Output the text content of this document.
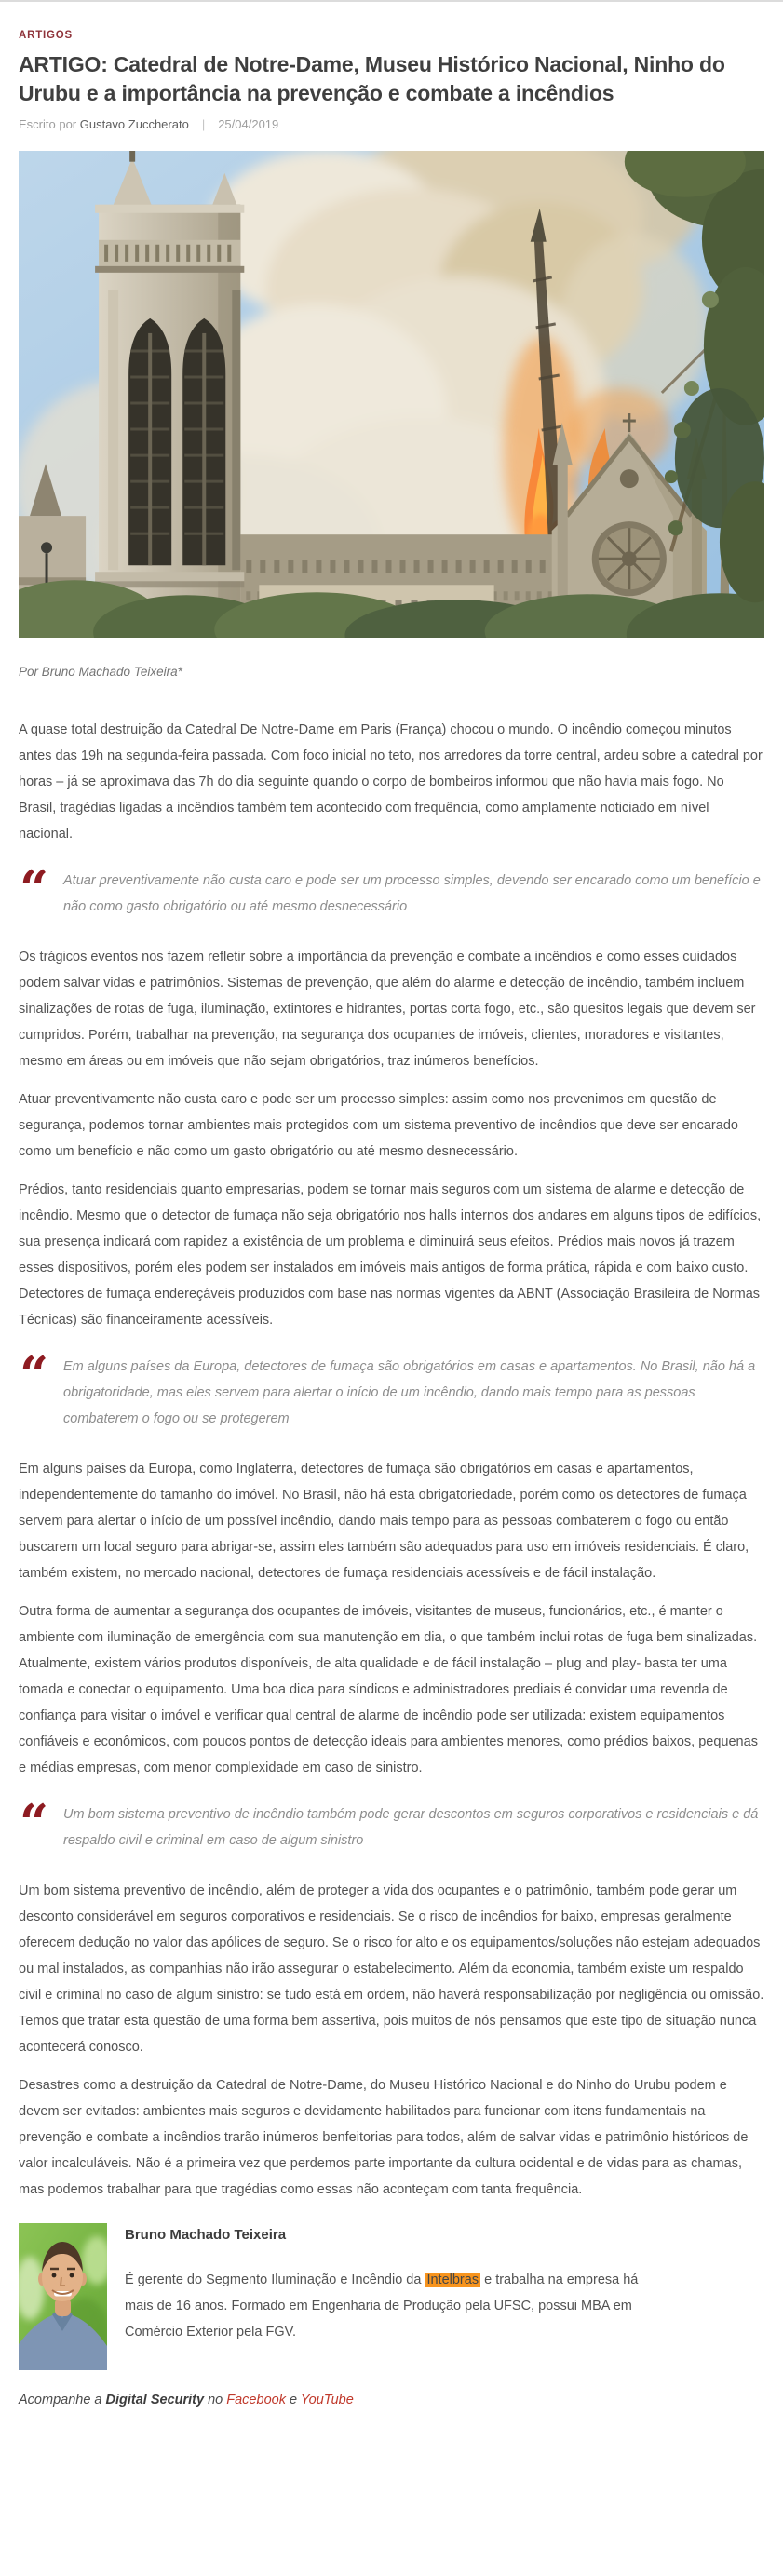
ARTIGOS
ARTIGO: Catedral de Notre-Dame, Museu Histórico Nacional, Ninho do Urubu e a importância na prevenção e combate a incêndios
Escrito por Gustavo Zuccherato | 25/04/2019

Por Bruno Machado Teixeira*

A quase total destruição da Catedral De Notre-Dame em Paris (França) chocou o mundo. O incêndio começou minutos antes das 19h na segunda-feira passada. Com foco inicial no teto, nos arredores da torre central, ardeu sobre a catedral por horas – já se aproximava das 7h do dia seguinte quando o corpo de bombeiros informou que não havia mais fogo. No Brasil, tragédias ligadas a incêndios também tem acontecido com frequência, como amplamente noticiado em nível nacional.

“ Atuar preventivamente não custa caro e pode ser um processo simples, devendo ser encarado como um benefício e não como gasto obrigatório ou até mesmo desnecessário

Os trágicos eventos nos fazem refletir sobre a importância da prevenção e combate a incêndios e como esses cuidados podem salvar vidas e patrimônios. Sistemas de prevenção, que além do alarme e detecção de incêndio, também incluem sinalizações de rotas de fuga, iluminação, extintores e hidrantes, portas corta fogo, etc., são quesitos legais que devem ser cumpridos. Porém, trabalhar na prevenção, na segurança dos ocupantes de imóveis, clientes, moradores e visitantes, mesmo em áreas ou em imóveis que não sejam obrigatórios, traz inúmeros benefícios.

Atuar preventivamente não custa caro e pode ser um processo simples: assim como nos prevenimos em questão de segurança, podemos tornar ambientes mais protegidos com um sistema preventivo de incêndios que deve ser encarado como um benefício e não como um gasto obrigatório ou até mesmo desnecessário.

Prédios, tanto residenciais quanto empresarias, podem se tornar mais seguros com um sistema de alarme e detecção de incêndio. Mesmo que o detector de fumaça não seja obrigatório nos halls internos dos andares em alguns tipos de edifícios, sua presença indicará com rapidez a existência de um problema e diminuirá seus efeitos. Prédios mais novos já trazem esses dispositivos, porém eles podem ser instalados em imóveis mais antigos de forma prática, rápida e com baixo custo. Detectores de fumaça endereçáveis produzidos com base nas normas vigentes da ABNT (Associação Brasileira de Normas Técnicas) são financeiramente acessíveis.

“ Em alguns países da Europa, detectores de fumaça são obrigatórios em casas e apartamentos. No Brasil, não há a obrigatoridade, mas eles servem para alertar o início de um incêndio, dando mais tempo para as pessoas combaterem o fogo ou se protegerem

Em alguns países da Europa, como Inglaterra, detectores de fumaça são obrigatórios em casas e apartamentos, independentemente do tamanho do imóvel. No Brasil, não há esta obrigatoriedade, porém como os detectores de fumaça servem para alertar o início de um possível incêndio, dando mais tempo para as pessoas combaterem o fogo ou então buscarem um local seguro para abrigar-se, assim eles também são adequados para uso em imóveis residenciais. É claro, também existem, no mercado nacional, detectores de fumaça residenciais acessíveis e de fácil instalação.

Outra forma de aumentar a segurança dos ocupantes de imóveis, visitantes de museus, funcionários, etc., é manter o ambiente com iluminação de emergência com sua manutenção em dia, o que também inclui rotas de fuga bem sinalizadas. Atualmente, existem vários produtos disponíveis, de alta qualidade e de fácil instalação – plug and play- basta ter uma tomada e conectar o equipamento. Uma boa dica para síndicos e administradores prediais é convidar uma revenda de confiança para visitar o imóvel e verificar qual central de alarme de incêndio pode ser utilizada: existem equipamentos confiáveis e econômicos, com poucos pontos de detecção ideais para ambientes menores, como prédios baixos, pequenas e médias empresas, com menor complexidade em caso de sinistro.

“ Um bom sistema preventivo de incêndio também pode gerar descontos em seguros corporativos e residenciais e dá respaldo civil e criminal em caso de algum sinistro

Um bom sistema preventivo de incêndio, além de proteger a vida dos ocupantes e o patrimônio, também pode gerar um desconto considerável em seguros corporativos e residenciais. Se o risco de incêndios for baixo, empresas geralmente oferecem dedução no valor das apólices de seguro. Se o risco for alto e os equipamentos/soluções não estejam adequados ou mal instalados, as companhias não irão assegurar o estabelecimento. Além da economia, também existe um respaldo civil e criminal no caso de algum sinistro: se tudo está em ordem, não haverá responsabilização por negligência ou omissão. Temos que tratar esta questão de uma forma bem assertiva, pois muitos de nós pensamos que este tipo de situação nunca acontecerá conosco.

Desastres como a destruição da Catedral de Notre-Dame, do Museu Histórico Nacional e do Ninho do Urubu podem e devem ser evitados: ambientes mais seguros e devidamente habilitados para funcionar com itens fundamentais na prevenção e combate a incêndios trarão inúmeros benfeitorias para todos, além de salvar vidas e patrimônio históricos de valor incalculáveis. Não é a primeira vez que perdemos parte importante da cultura ocidental e de vidas para as chamas, mas podemos trabalhar para que tragédias como essas não aconteçam com tanta frequência.

Bruno Machado Teixeira

É gerente do Segmento Iluminação e Incêndio da Intelbras e trabalha na empresa há mais de 16 anos. Formado em Engenharia de Produção pela UFSC, possui MBA em Comércio Exterior pela FGV.

Acompanhe a Digital Security no Facebook e YouTube
